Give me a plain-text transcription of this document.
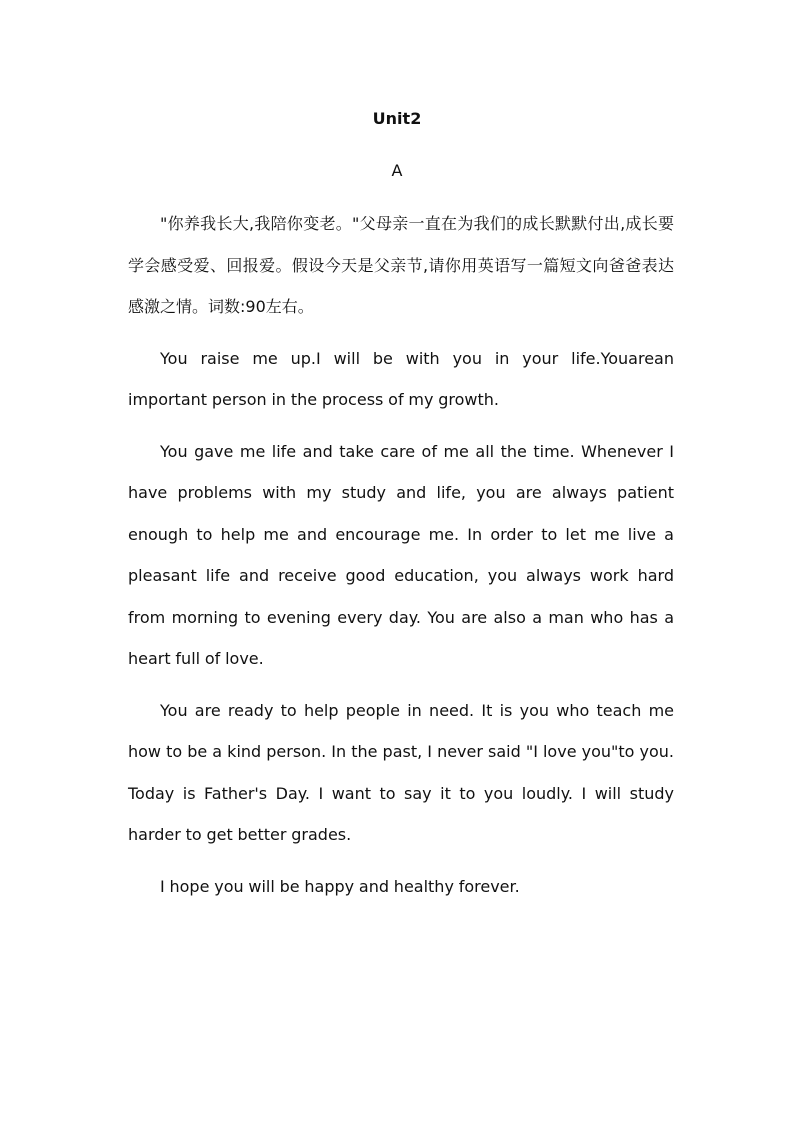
Unit2
A

"你养我长大,我陪你变老。"父母亲一直在为我们的成长默默付出,成长要学会感受爱、回报爱。假设今天是父亲节,请你用英语写一篇短文向爸爸表达感激之情。词数:90左右。

You raise me up.I will be with you in your life.Youarean important person in the process of my growth.

You gave me life and take care of me all the time. Whenever I have problems with my study and life, you are always patient enough to help me and encourage me. In order to let me live a pleasant life and receive good education, you always work hard from morning to evening every day. You are also a man who has a heart full of love.

You are ready to help people in need. It is you who teach me how to be a kind person. In the past, I never said "I love you"to you. Today is Father's Day. I want to say it to you loudly. I will study harder to get better grades.

I hope you will be happy and healthy forever.
